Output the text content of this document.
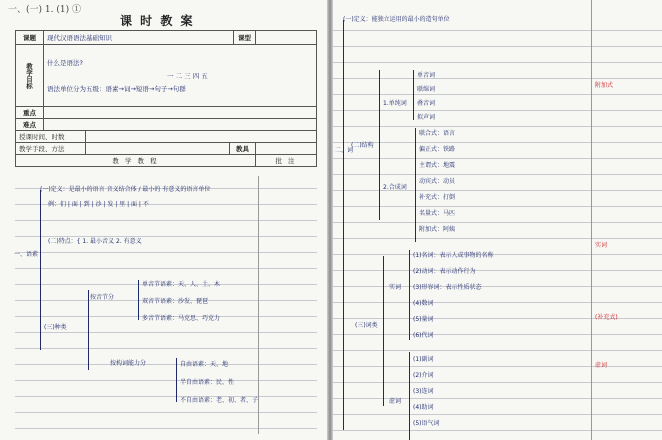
一、(一) 1. (1) ①
课 时 教 案
课题	现代汉语语法基础知识	课型
教学目标	什么是语法?
一 二 三 四 五
语法单位分为五级：语素→词→短语→句子→句群
重点
难点
授课时间、时数
教学手段、方法	教具
教 学 教 程	批 注
(一)定义：是最小的语言 音义结合体 / 最小的 有意义的语言单位
例：们 | 面 | 到 | 沙 | 发 | 里 | 面 | 不
(二)特点：{ 1. 最小音义 2. 有意义
一、语素
(三)种类
按音节分
单音节语素：天、人、土、木
双音节语素：沙发、琵琶
多音节语素：马克思、巧克力
按构词能力分	自由语素：天、地
半自由语素：民、性
不自由语素：老、初、者、子
(一)定义：能独立运用的最小的造句单位
二、词
(二)结构
1.单纯词
单音词
联绵词
叠音词
拟声词
2.合成词
联合式：语言
偏正式：铁路
主谓式：地震
动宾式：动员
补充式：打倒
名量式：马匹
附加式：阿姨
(三)词类
实词
(1)名词：表示人或事物的名称
(2)动词：表示动作行为
(3)形容词：表示性质状态
(4)数词
(5)量词
(6)代词
虚词
(1)副词
(2)介词
(3)连词
(4)助词
(5)语气词
附加式
实词
虚词
(补充式)
